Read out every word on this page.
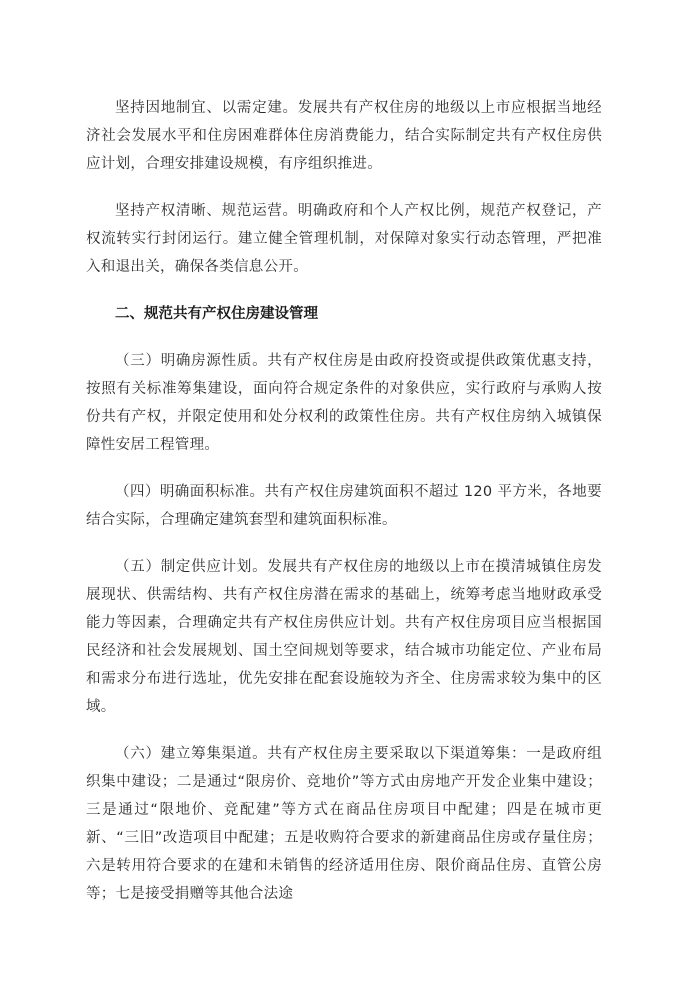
坚持因地制宜、以需定建。发展共有产权住房的地级以上市应根据当地经济社会发展水平和住房困难群体住房消费能力，结合实际制定共有产权住房供应计划，合理安排建设规模，有序组织推进。

坚持产权清晰、规范运营。明确政府和个人产权比例，规范产权登记，产权流转实行封闭运行。建立健全管理机制，对保障对象实行动态管理，严把准入和退出关，确保各类信息公开。

二、规范共有产权住房建设管理

（三）明确房源性质。共有产权住房是由政府投资或提供政策优惠支持，按照有关标准筹集建设，面向符合规定条件的对象供应，实行政府与承购人按份共有产权，并限定使用和处分权利的政策性住房。共有产权住房纳入城镇保障性安居工程管理。

（四）明确面积标准。共有产权住房建筑面积不超过 120 平方米，各地要结合实际，合理确定建筑套型和建筑面积标准。

（五）制定供应计划。发展共有产权住房的地级以上市在摸清城镇住房发展现状、供需结构、共有产权住房潜在需求的基础上，统筹考虑当地财政承受能力等因素，合理确定共有产权住房供应计划。共有产权住房项目应当根据国民经济和社会发展规划、国土空间规划等要求，结合城市功能定位、产业布局和需求分布进行选址，优先安排在配套设施较为齐全、住房需求较为集中的区域。

（六）建立筹集渠道。共有产权住房主要采取以下渠道筹集：一是政府组织集中建设；二是通过“限房价、竞地价”等方式由房地产开发企业集中建设；三是通过“限地价、竞配建”等方式在商品住房项目中配建；四是在城市更新、“三旧”改造项目中配建；五是收购符合要求的新建商品住房或存量住房；六是转用符合要求的在建和未销售的经济适用住房、限价商品住房、直管公房等；七是接受捐赠等其他合法途
